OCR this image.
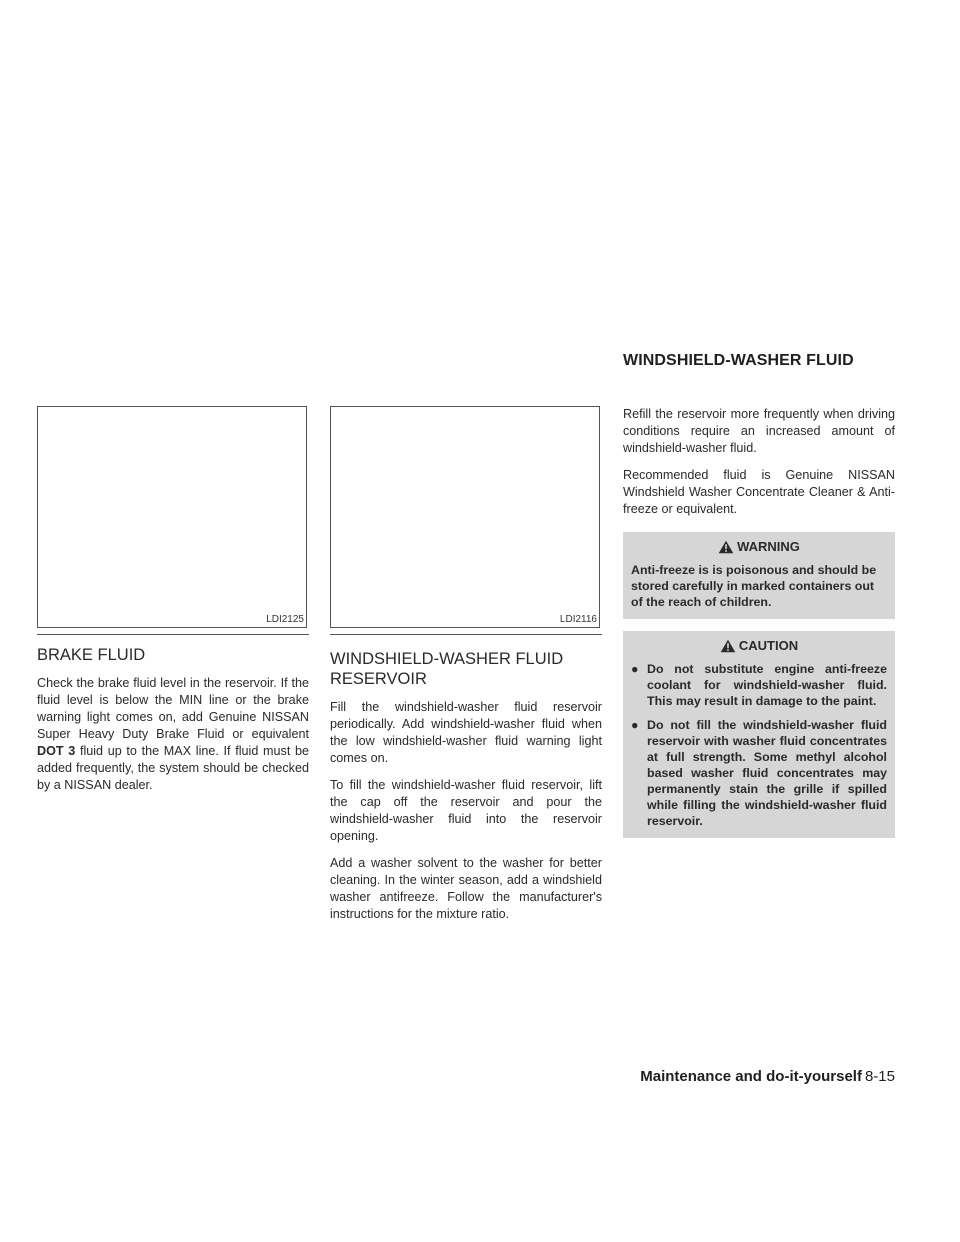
WINDSHIELD-WASHER FLUID
LDI2125
BRAKE FLUID

Check the brake fluid level in the reservoir. If the fluid level is below the MIN line or the brake warning light comes on, add Genuine NISSAN Super Heavy Duty Brake Fluid or equivalent DOT 3 fluid up to the MAX line. If fluid must be added frequently, the system should be checked by a NISSAN dealer.

LDI2116
WINDSHIELD-WASHER FLUID RESERVOIR

Fill the windshield-washer fluid reservoir periodically. Add windshield-washer fluid when the low windshield-washer fluid warning light comes on.

To fill the windshield-washer fluid reservoir, lift the cap off the reservoir and pour the windshield-washer fluid into the reservoir opening.

Add a washer solvent to the washer for better cleaning. In the winter season, add a windshield washer antifreeze. Follow the manufacturer's instructions for the mixture ratio.

Refill the reservoir more frequently when driving conditions require an increased amount of windshield-washer fluid.

Recommended fluid is Genuine NISSAN Windshield Washer Concentrate Cleaner & Anti-freeze or equivalent.

WARNING

Anti-freeze is is poisonous and should be stored carefully in marked containers out of the reach of children.

CAUTION
● Do not substitute engine anti-freeze coolant for windshield-washer fluid. This may result in damage to the paint.
● Do not fill the windshield-washer fluid reservoir with washer fluid concentrates at full strength. Some methyl alcohol based washer fluid concentrates may permanently stain the grille if spilled while filling the windshield-washer fluid reservoir.
Maintenance and do-it-yourself 8-15
